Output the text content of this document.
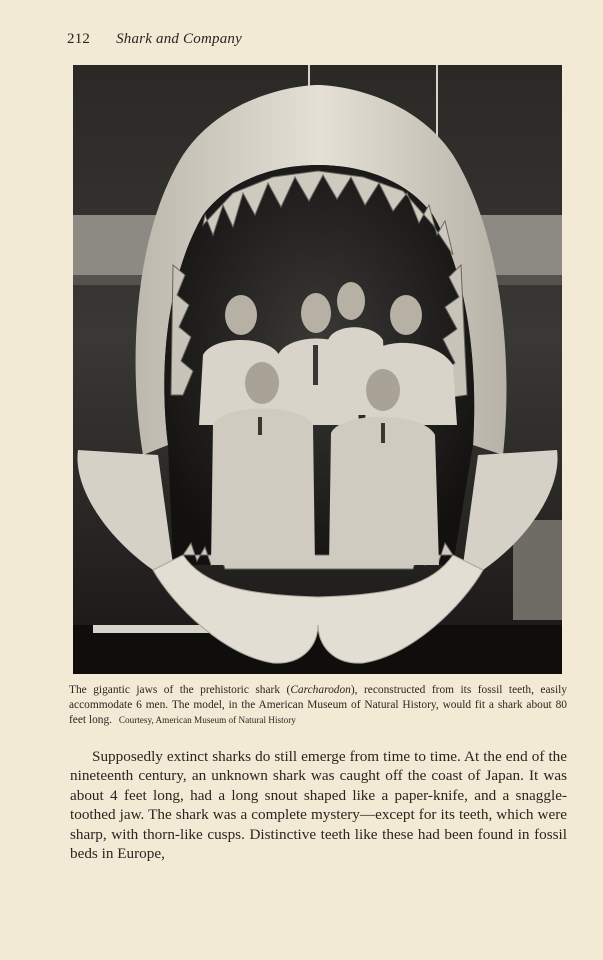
212 Shark and Company
The gigantic jaws of the prehistoric shark (Carcharodon), reconstructed from its fossil teeth, easily accommodate 6 men. The model, in the American Museum of Natural History, would fit a shark about 80 feet long. Courtesy, American Museum of Natural History

Supposedly extinct sharks do still emerge from time to time. At the end of the nineteenth century, an unknown shark was caught off the coast of Japan. It was about 4 feet long, had a long snout shaped like a paper-knife, and a snaggle-toothed jaw. The shark was a complete mystery—except for its teeth, which were sharp, with thorn-like cusps. Distinctive teeth like these had been found in fossil beds in Europe,
